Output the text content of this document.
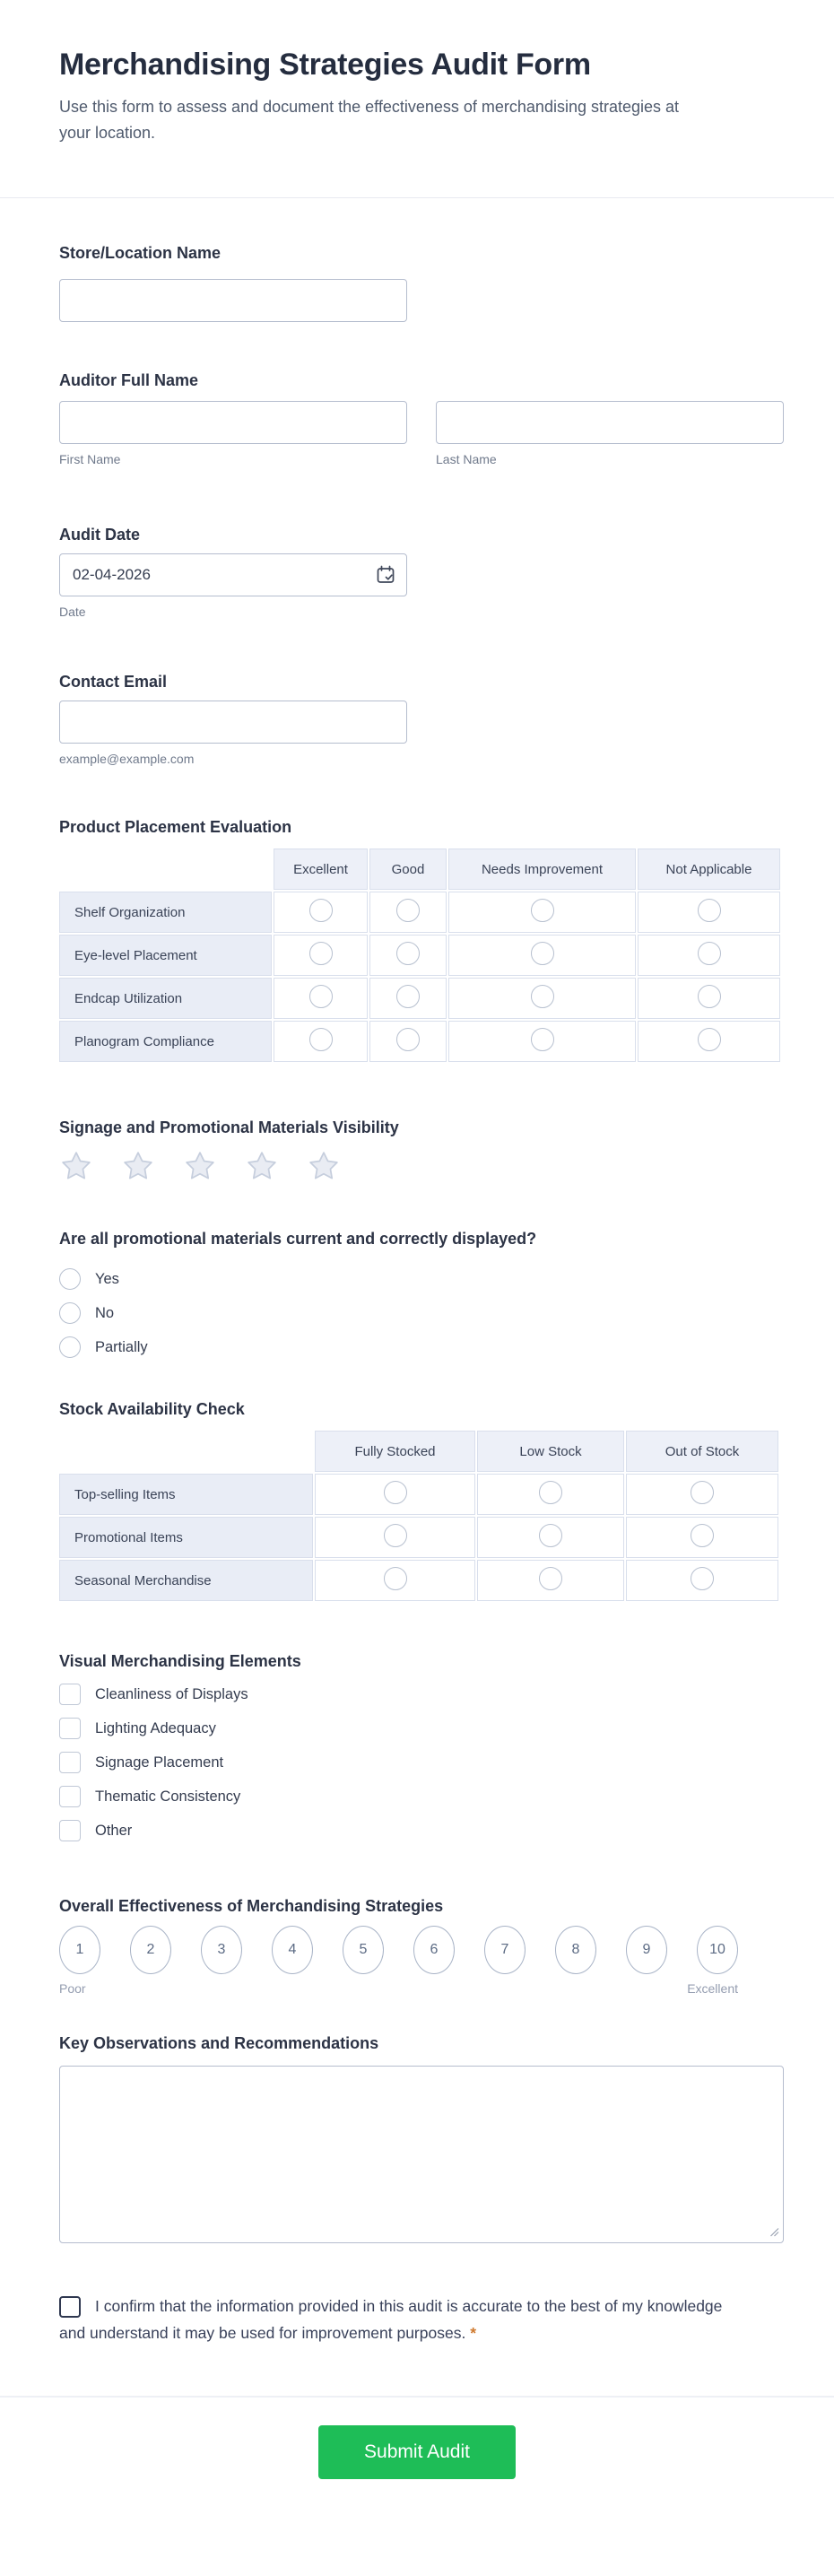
Merchandising Strategies Audit Form

Use this form to assess and document the effectiveness of merchandising strategies at your location.

Store/Location Name
Auditor Full Name
First Name	Last Name
Audit Date
02-04-2026
Date
Contact Email
example@example.com
Product Placement Evaluation
	Excellent	Good	Needs Improvement	Not Applicable
Shelf Organization				
Eye-level Placement				
Endcap Utilization				
Planogram Compliance				
Signage and Promotional Materials Visibility
Are all promotional materials current and correctly displayed?
Yes
No
Partially
Stock Availability Check
	Fully Stocked	Low Stock	Out of Stock
Top-selling Items			
Promotional Items			
Seasonal Merchandise			
Visual Merchandising Elements
Cleanliness of Displays
Lighting Adequacy
Signage Placement
Thematic Consistency
Other
Overall Effectiveness of Merchandising Strategies
1	2	3	4	5	6	7	8	9	10
Poor	Excellent
Key Observations and Recommendations
I confirm that the information provided in this audit is accurate to the best of my knowledge and understand it may be used for improvement purposes. *
Submit Audit
